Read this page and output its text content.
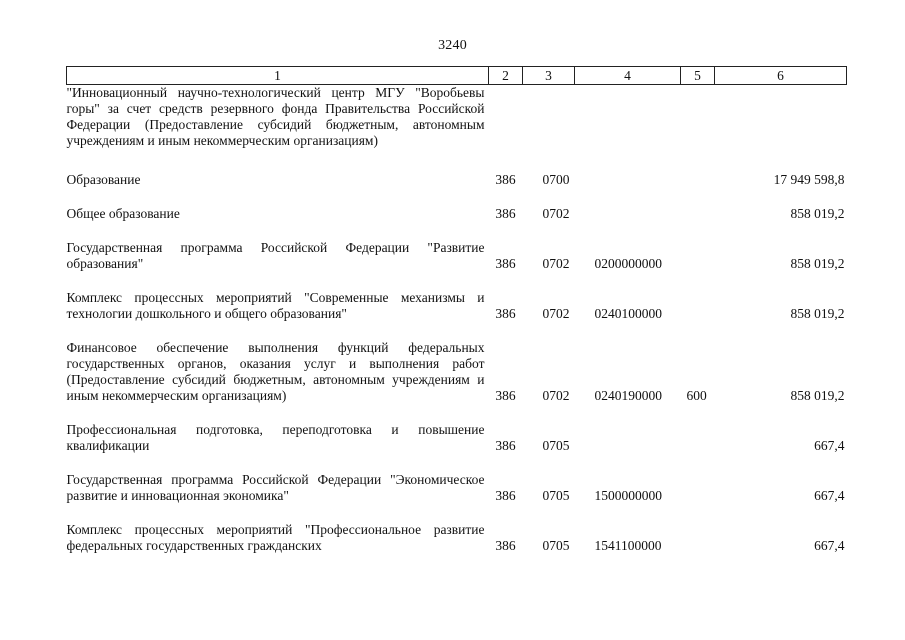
3240
1	2	3	4	5	6

"Инновационный научно-технологический центр МГУ "Воробьевы горы" за счет средств резервного фонда Правительства Российской Федерации (Предоставление субсидий бюджетным, автономным учреждениям и иным некоммерческим организациям)					

Образование	386	0700			17 949 598,8

Общее образование	386	0702			858 019,2

Государственная программа Российской Федерации "Развитие образования"	386	0702	0200000000		858 019,2

Комплекс процессных мероприятий "Современные механизмы и технологии дошкольного и общего образования"	386	0702	0240100000		858 019,2

Финансовое обеспечение выполнения функций федеральных государственных органов, оказания услуг и выполнения работ (Предоставление субсидий бюджетным, автономным учреждениям и иным некоммерческим организациям)	386	0702	0240190000	600	858 019,2

Профессиональная подготовка, переподготовка и повышение квалификации	386	0705			667,4

Государственная программа Российской Федерации "Экономическое развитие и инновационная экономика"	386	0705	1500000000		667,4

Комплекс процессных мероприятий "Профессиональное развитие федеральных государственных гражданских	386	0705	1541100000		667,4
